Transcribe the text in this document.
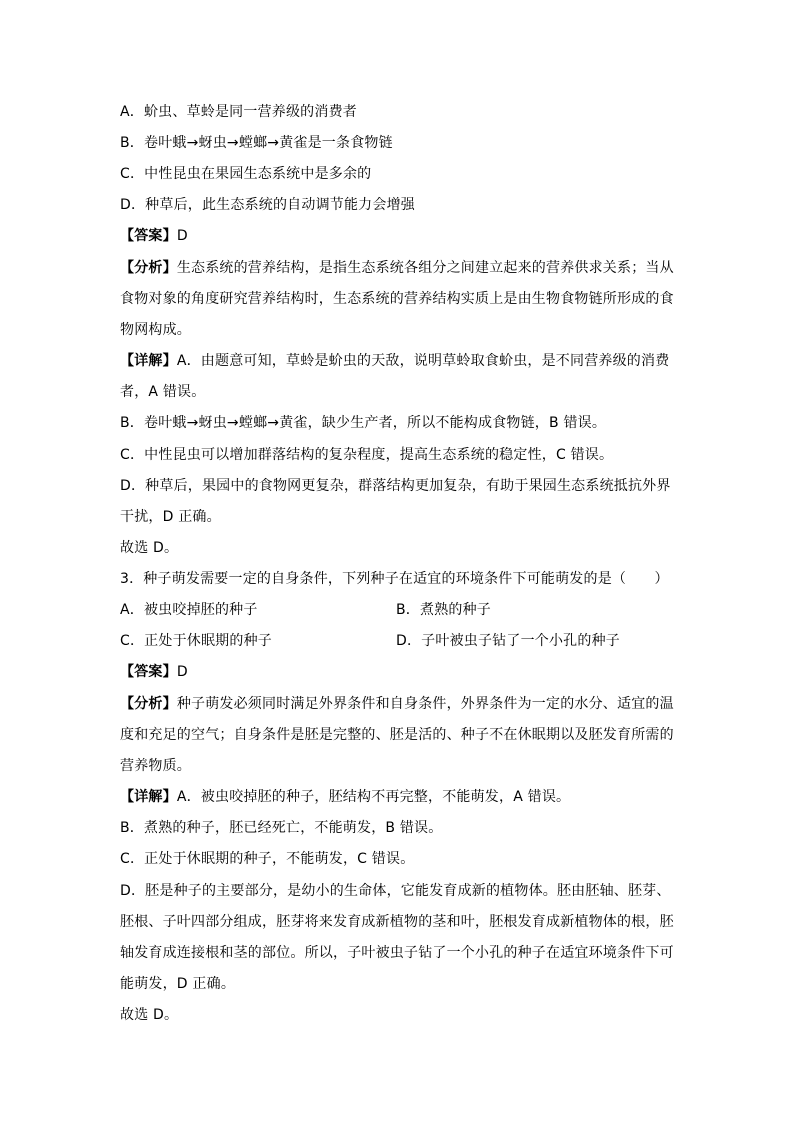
A．蚧虫、草蛉是同一营养级的消费者
B．卷叶蛾→蚜虫→螳螂→黄雀是一条食物链
C．中性昆虫在果园生态系统中是多余的
D．种草后，此生态系统的自动调节能力会增强
【答案】D
【分析】生态系统的营养结构，是指生态系统各组分之间建立起来的营养供求关系；当从
食物对象的角度研究营养结构时，生态系统的营养结构实质上是由生物食物链所形成的食
物网构成。
【详解】A．由题意可知，草蛉是蚧虫的天敌，说明草蛉取食蚧虫，是不同营养级的消费
者，A 错误。
B．卷叶蛾→蚜虫→螳螂→黄雀，缺少生产者，所以不能构成食物链，B 错误。
C．中性昆虫可以增加群落结构的复杂程度，提高生态系统的稳定性，C 错误。
D．种草后，果园中的食物网更复杂，群落结构更加复杂，有助于果园生态系统抵抗外界
干扰，D 正确。
故选 D。
3．种子萌发需要一定的自身条件，下列种子在适宜的环境条件下可能萌发的是（　　）
A．被虫咬掉胚的种子	B．煮熟的种子
C．正处于休眠期的种子	D．子叶被虫子钻了一个小孔的种子
【答案】D
【分析】种子萌发必须同时满足外界条件和自身条件，外界条件为一定的水分、适宜的温
度和充足的空气；自身条件是胚是完整的、胚是活的、种子不在休眠期以及胚发育所需的
营养物质。
【详解】A．被虫咬掉胚的种子，胚结构不再完整，不能萌发，A 错误。
B．煮熟的种子，胚已经死亡，不能萌发，B 错误。
C．正处于休眠期的种子，不能萌发，C 错误。
D．胚是种子的主要部分，是幼小的生命体，它能发育成新的植物体。胚由胚轴、胚芽、
胚根、子叶四部分组成，胚芽将来发育成新植物的茎和叶，胚根发育成新植物体的根，胚
轴发育成连接根和茎的部位。所以，子叶被虫子钻了一个小孔的种子在适宜环境条件下可
能萌发，D 正确。
故选 D。
